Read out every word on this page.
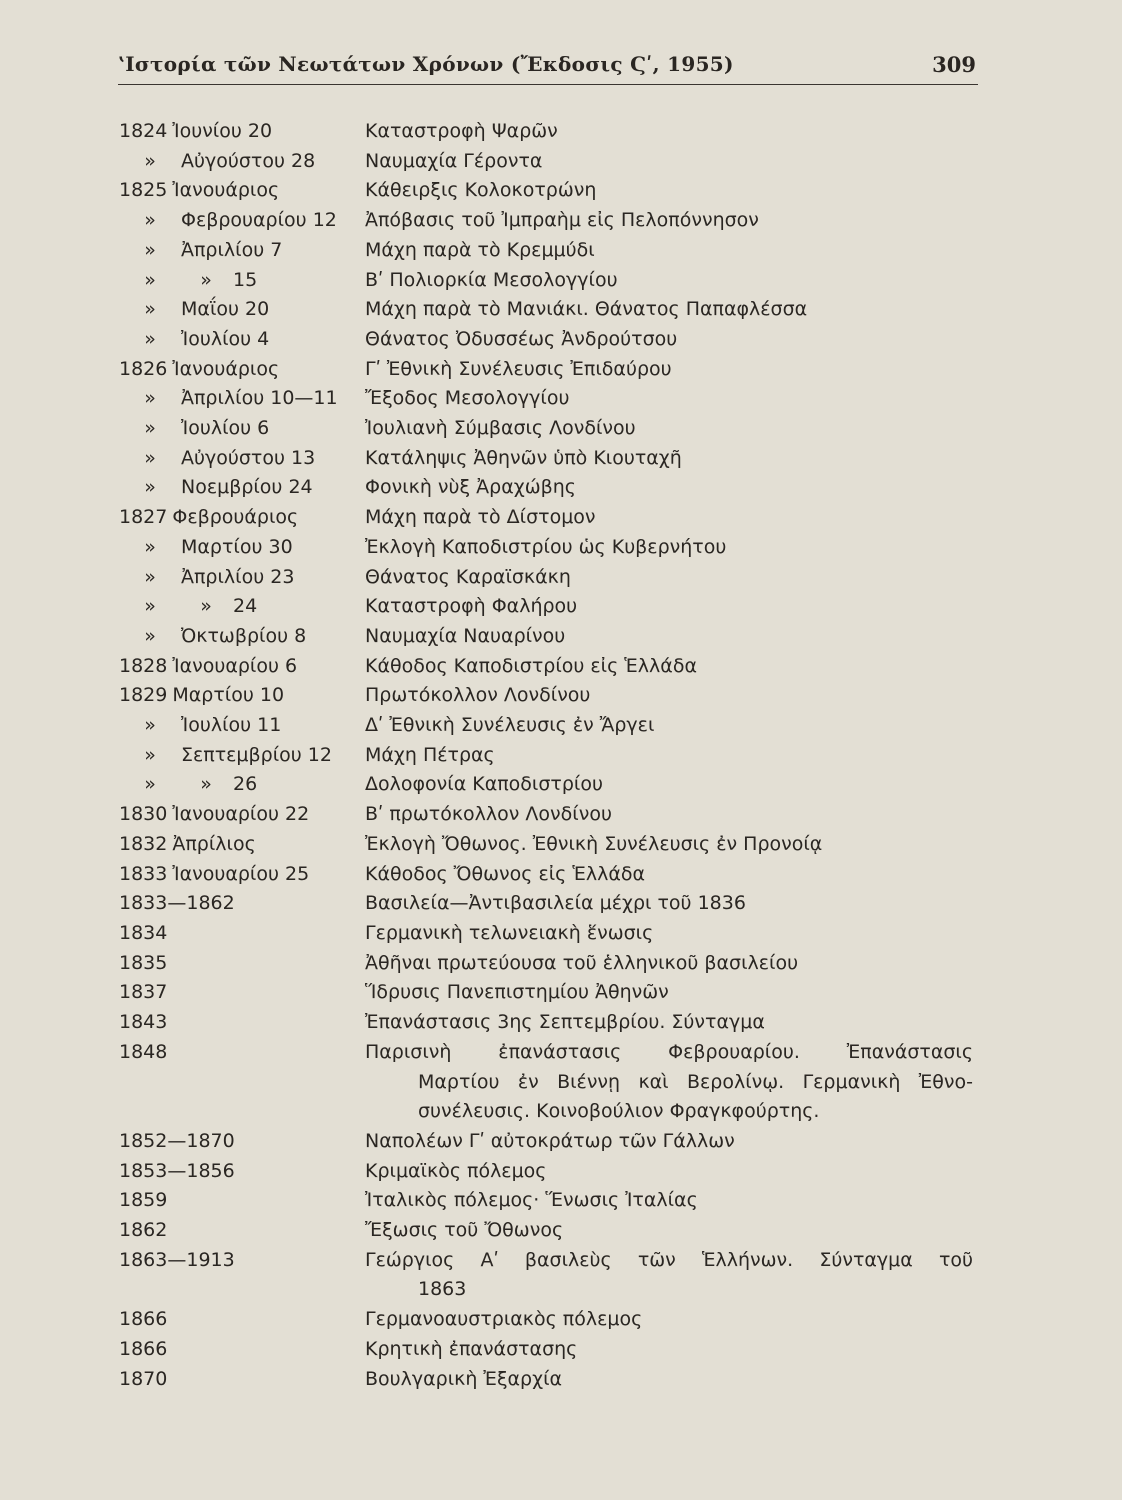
ʽΙστορία τῶν Νεωτάτων Χρόνων (Ἔκδοσις Ϛʹ, 1955)	309
1824 Ἰουνίου 20	Καταστροφὴ Ψαρῶν
»	Αὐγούστου 28	Ναυμαχία Γέροντα
1825 Ἰανουάριος	Κάθειρξις Κολοκοτρώνη
»	Φεβρουαρίου 12 Ἀπόβασις τοῦ Ἰμπραὴμ εἰς Πελοπόννησον
»	Ἀπριλίου 7	Μάχη παρὰ τὸ Κρεμμύδι
»	»	15	Βʹ Πολιορκία Μεσολογγίου
»	Μαΐου 20	Μάχη παρὰ τὸ Μανιάκι. Θάνατος Παπαφλέσσα
»	Ἰουλίου 4	Θάνατος Ὀδυσσέως Ἀνδρούτσου
1826 Ἰανουάριος	Γʹ Ἐθνικὴ Συνέλευσις Ἐπιδαύρου
»	Ἀπριλίου 10—11 Ἔξοδος Μεσολογγίου
»	Ἰουλίου 6	Ἰουλιανὴ Σύμβασις Λονδίνου
»	Αὐγούστου 13	Κατάληψις Ἀθηνῶν ὑπὸ Κιουταχῆ
»	Νοεμβρίου 24	Φονικὴ νὺξ Ἀραχώβης
1827 Φεβρουάριος	Μάχη παρὰ τὸ Δίστομον
»	Μαρτίου 30	Ἐκλογὴ Καποδιστρίου ὡς Κυβερνήτου
»	Ἀπριλίου 23	Θάνατος Καραϊσκάκη
»	»	24	Καταστροφὴ Φαλήρου
»	Ὀκτωβρίου 8	Ναυμαχία Ναυαρίνου
1828 Ἰανουαρίου 6	Κάθοδος Καποδιστρίου εἰς Ἑλλάδα
1829 Μαρτίου 10	Πρωτόκολλον Λονδίνου
»	Ἰουλίου 11	Δʹ Ἐθνικὴ Συνέλευσις ἐν Ἄργει
»	Σεπτεμβρίου 12 Μάχη Πέτρας
»	»	26	Δολοφονία Καποδιστρίου
1830 Ἰανουαρίου 22	Βʹ πρωτόκολλον Λονδίνου
1832 Ἀπρίλιος	Ἐκλογὴ Ὄθωνος. Ἐθνικὴ Συνέλευσις ἐν Προνοίᾳ
1833 Ἰανουαρίου 25	Κάθοδος Ὄθωνος εἰς Ἑλλάδα
1833—1862	Βασιλεία—Ἀντιβασιλεία μέχρι τοῦ 1836
1834	Γερμανικὴ τελωνειακὴ ἕνωσις
1835	Ἀθῆναι πρωτεύουσα τοῦ ἑλληνικοῦ βασιλείου
1837	Ἵδρυσις Πανεπιστημίου Ἀθηνῶν
1843	Ἐπανάστασις 3ης Σεπτεμβρίου. Σύνταγμα
1848	Παρισινὴ ἐπανάστασις Φεβρουαρίου. Ἐπανάστασις
Μαρτίου ἐν Βιέννῃ καὶ Βερολίνῳ. Γερμανικὴ Ἐθνο-
συνέλευσις. Κοινοβούλιον Φραγκφούρτης.
1852—1870	Ναπολέων Γʹ αὐτοκράτωρ τῶν Γάλλων
1853—1856	Κριμαϊκὸς πόλεμος
1859	Ἰταλικὸς πόλεμος· Ἕνωσις Ἰταλίας
1862	Ἔξωσις τοῦ Ὄθωνος
1863—1913	Γεώργιος Αʹ βασιλεὺς τῶν Ἑλλήνων. Σύνταγμα τοῦ
1863
1866	Γερμανοαυστριακὸς πόλεμος
1866	Κρητικὴ ἐπανάστασης
1870	Βουλγαρικὴ Ἐξαρχία
